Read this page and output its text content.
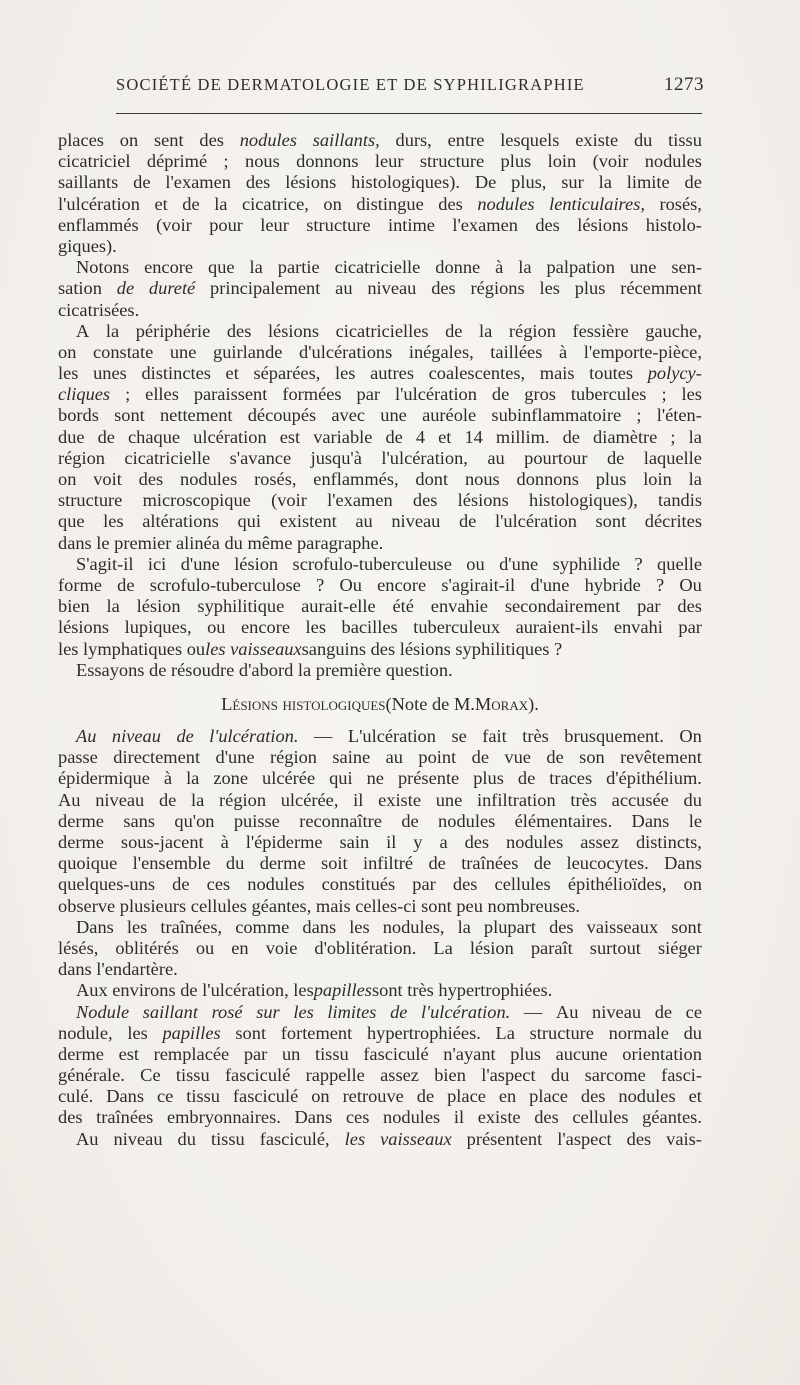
SOCIÉTÉ DE DERMATOLOGIE ET DE SYPHILIGRAPHIE	1273
places on sent des nodules saillants, durs, entre lesquels existe du tissu
cicatriciel déprimé ; nous donnons leur structure plus loin (voir nodules
saillants de l'examen des lésions histologiques). De plus, sur la limite de
l'ulcération et de la cicatrice, on distingue des nodules lenticulaires, rosés,
enflammés (voir pour leur structure intime l'examen des lésions histolo-
giques).
Notons encore que la partie cicatricielle donne à la palpation une sen-
sation de dureté principalement au niveau des régions les plus récemment
cicatrisées.
A la périphérie des lésions cicatricielles de la région fessière gauche,
on constate une guirlande d'ulcérations inégales, taillées à l'emporte-pièce,
les unes distinctes et séparées, les autres coalescentes, mais toutes polycy-
cliques ; elles paraissent formées par l'ulcération de gros tubercules ; les
bords sont nettement découpés avec une auréole subinflammatoire ; l'éten-
due de chaque ulcération est variable de 4 et 14 millim. de diamètre ; la
région cicatricielle s'avance jusqu'à l'ulcération, au pourtour de laquelle
on voit des nodules rosés, enflammés, dont nous donnons plus loin la
structure microscopique (voir l'examen des lésions histologiques), tandis
que les altérations qui existent au niveau de l'ulcération sont décrites
dans le premier alinéa du même paragraphe.
S'agit-il ici d'une lésion scrofulo-tuberculeuse ou d'une syphilide ? quelle
forme de scrofulo-tuberculose ? Ou encore s'agirait-il d'une hybride ? Ou
bien la lésion syphilitique aurait-elle été envahie secondairement par des
lésions lupiques, ou encore les bacilles tuberculeux auraient-ils envahi par
les lymphatiques ou les vaisseaux sanguins des lésions syphilitiques ?
Essayons de résoudre d'abord la première question.
Lésions histologiques (Note de M. Morax ).
Au niveau de l'ulcération. — L'ulcération se fait très brusquement. On
passe directement d'une région saine au point de vue de son revêtement
épidermique à la zone ulcérée qui ne présente plus de traces d'épithélium.
Au niveau de la région ulcérée, il existe une infiltration très accusée du
derme sans qu'on puisse reconnaître de nodules élémentaires. Dans le
derme sous-jacent à l'épiderme sain il y a des nodules assez distincts,
quoique l'ensemble du derme soit infiltré de traînées de leucocytes. Dans
quelques-uns de ces nodules constitués par des cellules épithélioïdes, on
observe plusieurs cellules géantes, mais celles-ci sont peu nombreuses.
Dans les traînées, comme dans les nodules, la plupart des vaisseaux sont
lésés, oblitérés ou en voie d'oblitération. La lésion paraît surtout siéger
dans l'endartère.
Aux environs de l'ulcération, les papilles sont très hypertrophiées.
Nodule saillant rosé sur les limites de l'ulcération. — Au niveau de ce
nodule, les papilles sont fortement hypertrophiées. La structure normale du
derme est remplacée par un tissu fasciculé n'ayant plus aucune orientation
générale. Ce tissu fasciculé rappelle assez bien l'aspect du sarcome fasci-
culé. Dans ce tissu fasciculé on retrouve de place en place des nodules et
des traînées embryonnaires. Dans ces nodules il existe des cellules géantes.
Au niveau du tissu fasciculé, les vaisseaux présentent l'aspect des vais-
